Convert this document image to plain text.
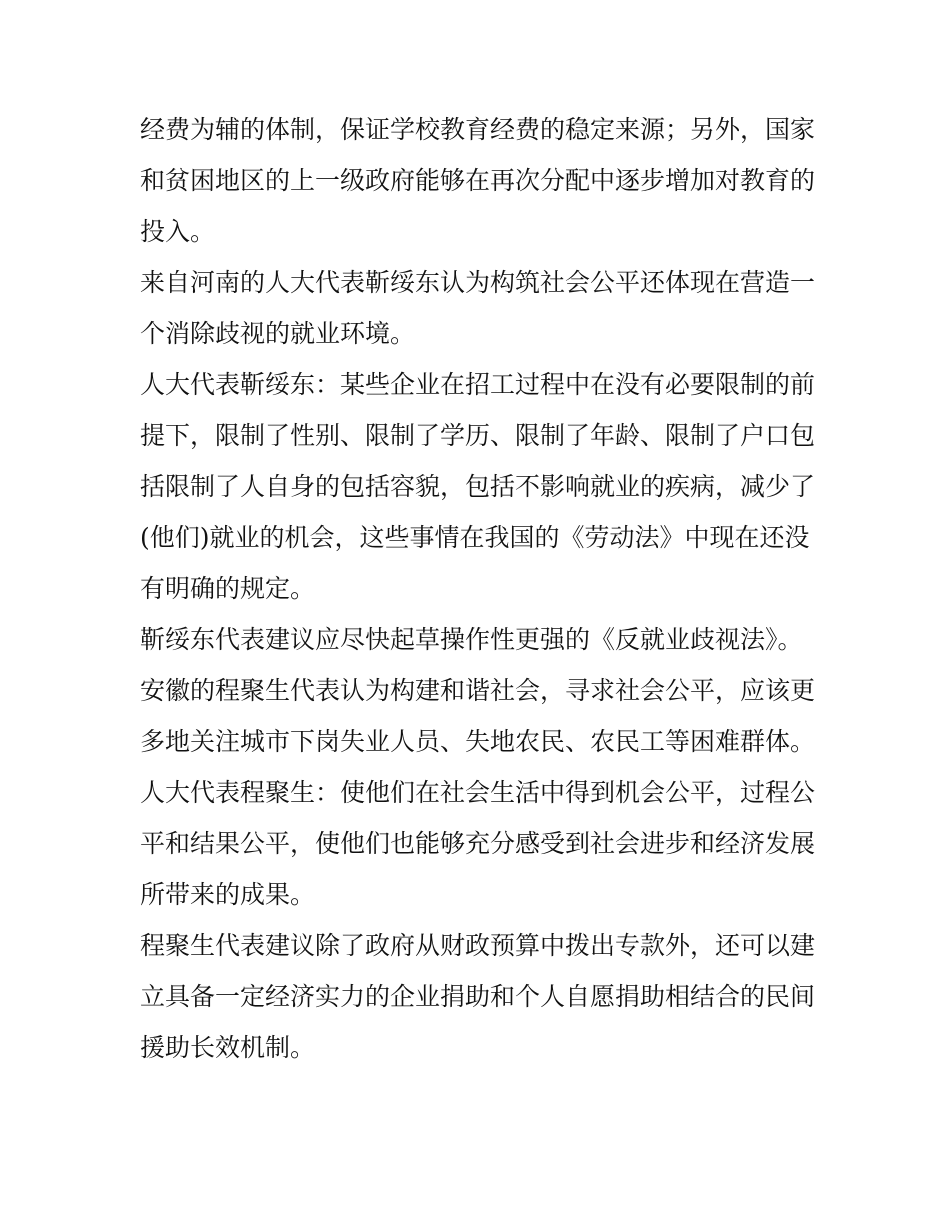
经费为辅的体制，保证学校教育经费的稳定来源；另外，国家
和贫困地区的上一级政府能够在再次分配中逐步增加对教育的
投入。
来自河南的人大代表靳绥东认为构筑社会公平还体现在营造一
个消除歧视的就业环境。
人大代表靳绥东：某些企业在招工过程中在没有必要限制的前
提下，限制了性别、限制了学历、限制了年龄、限制了户口包
括限制了人自身的包括容貌，包括不影响就业的疾病，减少了
(他们)就业的机会，这些事情在我国的《劳动法》中现在还没
有明确的规定。
靳绥东代表建议应尽快起草操作性更强的《反就业歧视法》。
安徽的程聚生代表认为构建和谐社会，寻求社会公平，应该更
多地关注城市下岗失业人员、失地农民、农民工等困难群体。
人大代表程聚生：使他们在社会生活中得到机会公平，过程公
平和结果公平，使他们也能够充分感受到社会进步和经济发展
所带来的成果。
程聚生代表建议除了政府从财政预算中拨出专款外，还可以建
立具备一定经济实力的企业捐助和个人自愿捐助相结合的民间
援助长效机制。
